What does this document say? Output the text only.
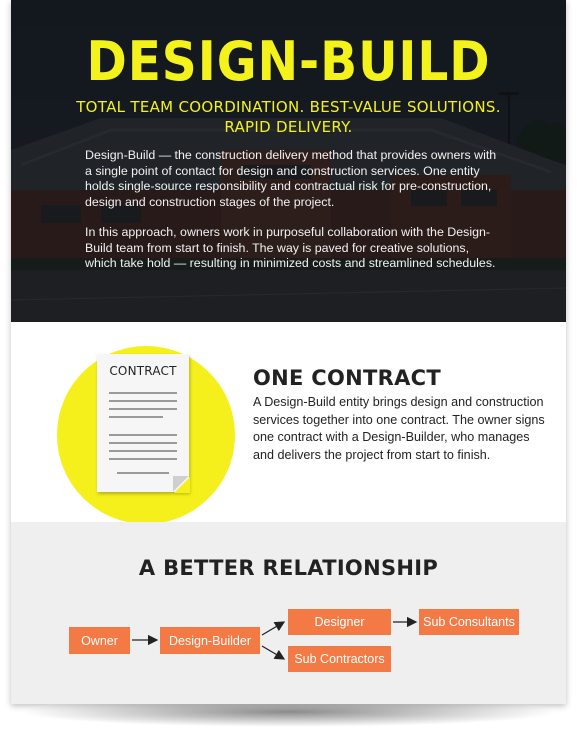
DESIGN-BUILD
TOTAL TEAM COORDINATION. BEST-VALUE SOLUTIONS. RAPID DELIVERY.
Design-Build — the construction delivery method that provides owners with a single point of contact for design and construction services. One entity holds single-source responsibility and contractual risk for pre-construction, design and construction stages of the project.
In this approach, owners work in purposeful collaboration with the Design-Build team from start to finish. The way is paved for creative solutions, which take hold — resulting in minimized costs and streamlined schedules.
CONTRACT	ONE CONTRACT
A Design-Build entity brings design and construction services together into one contract. The owner signs one contract with a Design-Builder, who manages and delivers the project from start to finish.
A BETTER RELATIONSHIP
Owner	Design-Builder
Designer	Sub Consultants
Sub Contractors
